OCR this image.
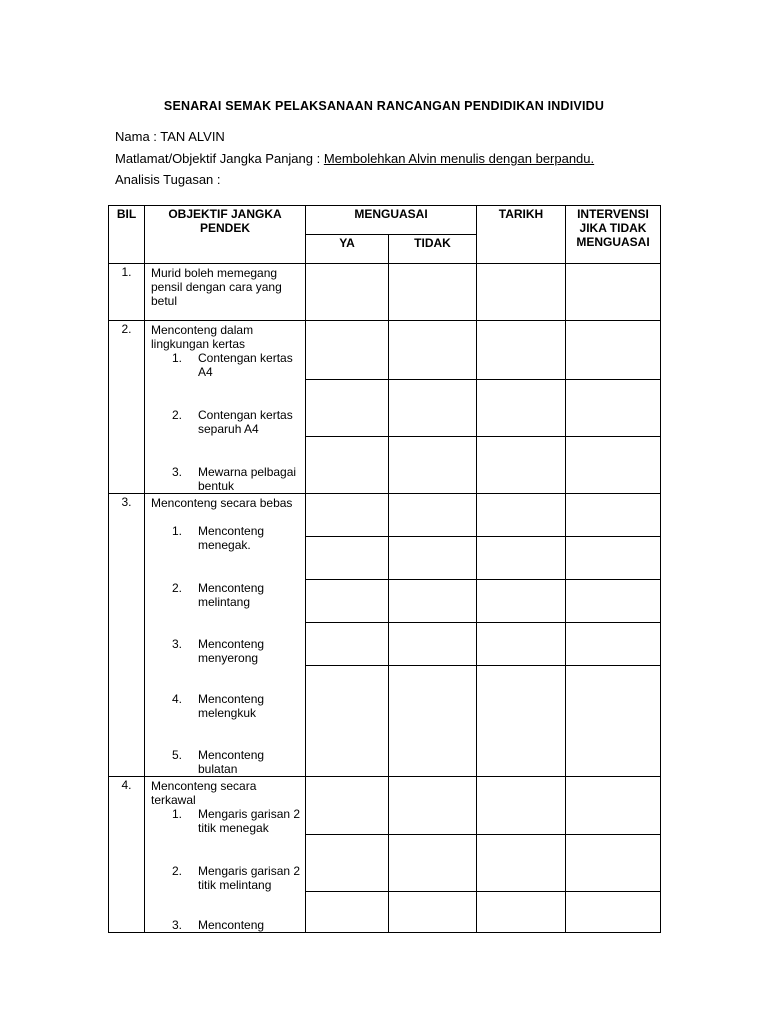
SENARAI SEMAK PELAKSANAAN RANCANGAN PENDIDIKAN INDIVIDU
Nama : TAN ALVIN
Matlamat/Objektif Jangka Panjang : Membolehkan Alvin menulis dengan berpandu.
Analisis Tugasan :
BIL	OBJEKTIF JANGKA PENDEK	MENGUASAI		TARIKH	INTERVENSI JIKA TIDAK MENGUASAI
		YA	TIDAK		
1.	Murid boleh memegang pensil dengan cara yang betul				
2.	Menconteng dalam lingkungan kertas
1. Contengan kertas A4				

	2. Contengan kertas separuh A4				

	3. Mewarna pelbagai bentuk				

3.	Menconteng secara bebas				

	1. Menconteng menegak.				

	2. Menconteng melintang				

	3. Menconteng menyerong				

	4. Menconteng melengkuk
5. Menconteng bulatan				

4.	Menconteng secara terkawal
1. Mengaris garisan 2 titik menegak				

	2. Mengaris garisan 2 titik melintang				

	3. Menconteng				
